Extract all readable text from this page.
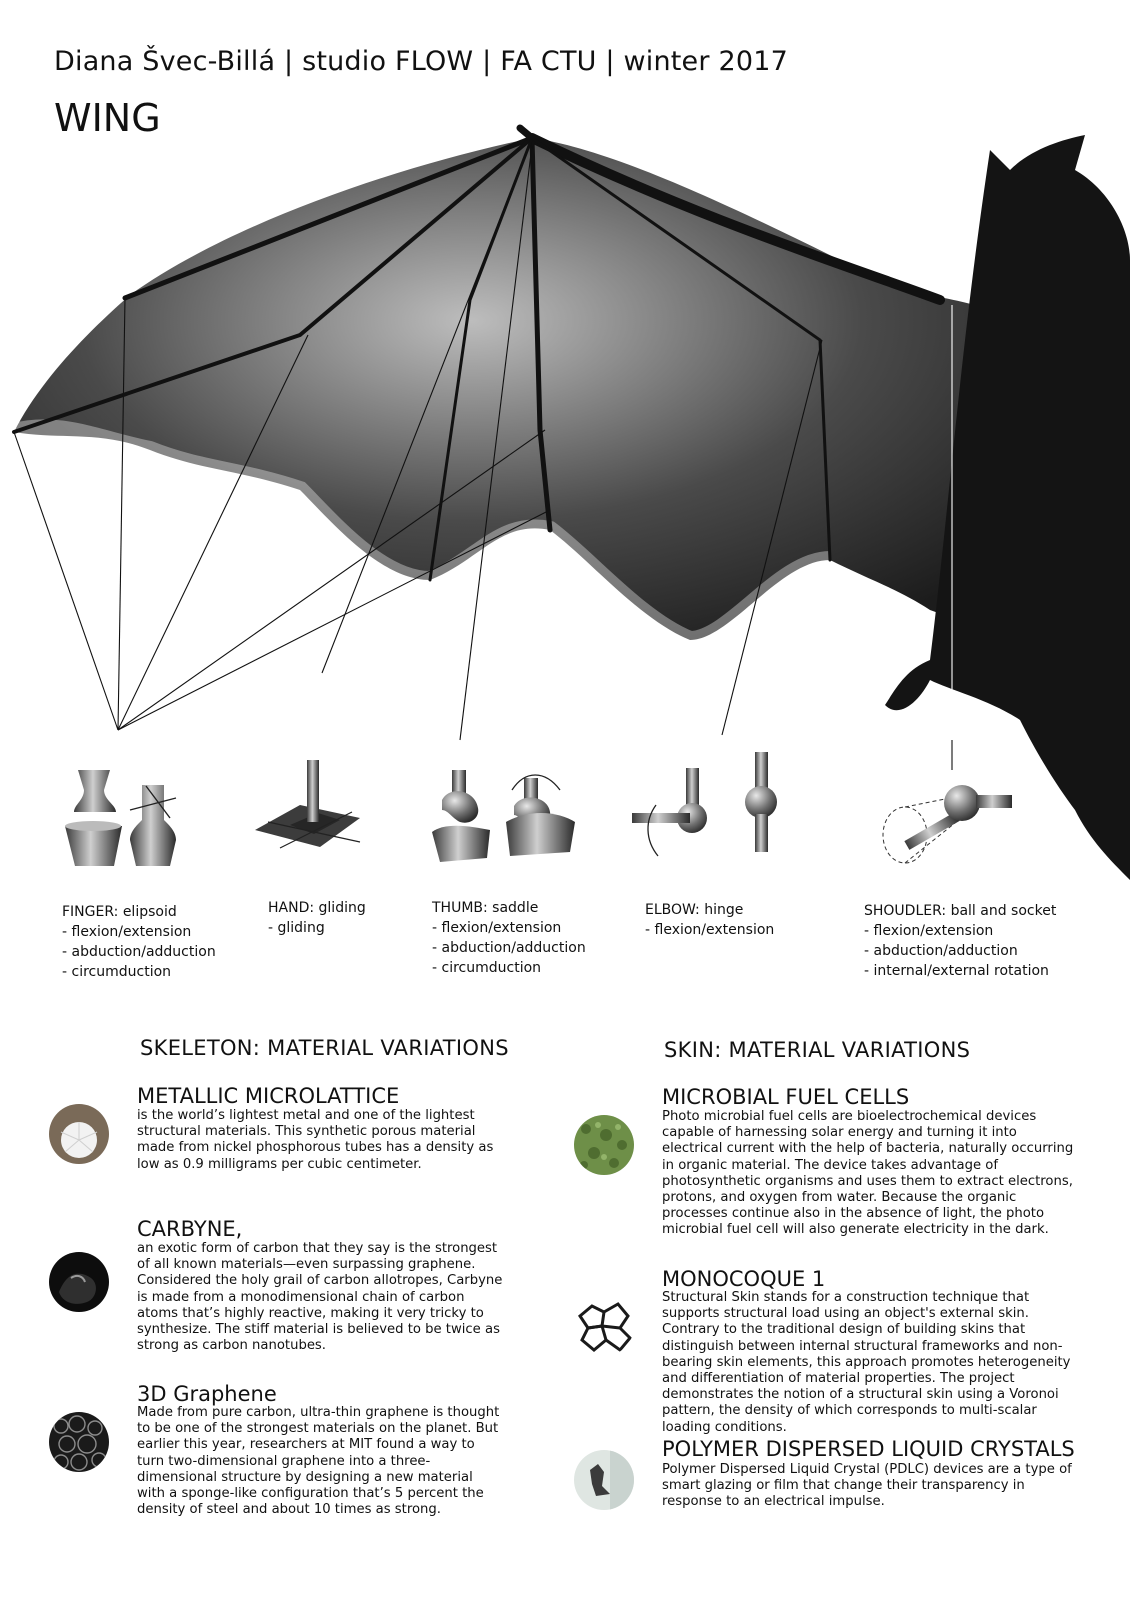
Diana Švec-Billá | studio FLOW | FA CTU | winter 2017
WING
FINGER: elipsoid
- flexion/extension
- abduction/adduction
- circumduction
HAND: gliding
- gliding
THUMB: saddle
- flexion/extension
- abduction/adduction
- circumduction
ELBOW: hinge
- flexion/extension
SHOUDLER: ball and socket
- flexion/extension
- abduction/adduction
- internal/external rotation
SKELETON: MATERIAL VARIATIONS	SKIN: MATERIAL VARIATIONS
METALLIC MICROLATTICE
is the world’s lightest metal and one of the lightest structural materials. This synthetic porous material made from nickel phosphorous tubes has a density as low as 0.9 milligrams per cubic centimeter.
CARBYNE,
an exotic form of carbon that they say is the strongest of all known materials—even surpassing graphene. Considered the holy grail of carbon allotropes, Carbyne is made from a monodimensional chain of carbon atoms that’s highly reactive, making it very tricky to synthesize. The stiff material is believed to be twice as strong as carbon nanotubes.
3D Graphene
Made from pure carbon, ultra-thin graphene is thought to be one of the strongest materials on the planet. But earlier this year, researchers at MIT found a way to turn two-dimensional graphene into a three-dimensional structure by designing a new material with a sponge-like configuration that’s 5 percent the density of steel and about 10 times as strong.
MICROBIAL FUEL CELLS
Photo microbial fuel cells are bioelectrochemical devices capable of harnessing solar energy and turning it into electrical current with the help of bacteria, naturally occurring in organic material. The device takes advantage of photosynthetic organisms and uses them to extract electrons, protons, and oxygen from water. Because the organic processes continue also in the absence of light, the photo microbial fuel cell will also generate electricity in the dark.
MONOCOQUE 1
Structural Skin stands for a construction technique that supports structural load using an object's external skin. Contrary to the traditional design of building skins that distinguish between internal structural frameworks and non-bearing skin elements, this approach promotes heterogeneity and differentiation of material properties. The project demonstrates the notion of a structural skin using a Voronoi pattern, the density of which corresponds to multi-scalar loading conditions.
POLYMER DISPERSED LIQUID CRYSTALS
Polymer Dispersed Liquid Crystal (PDLC) devices are a type of smart glazing or film that change their transparency in response to an electrical impulse.
